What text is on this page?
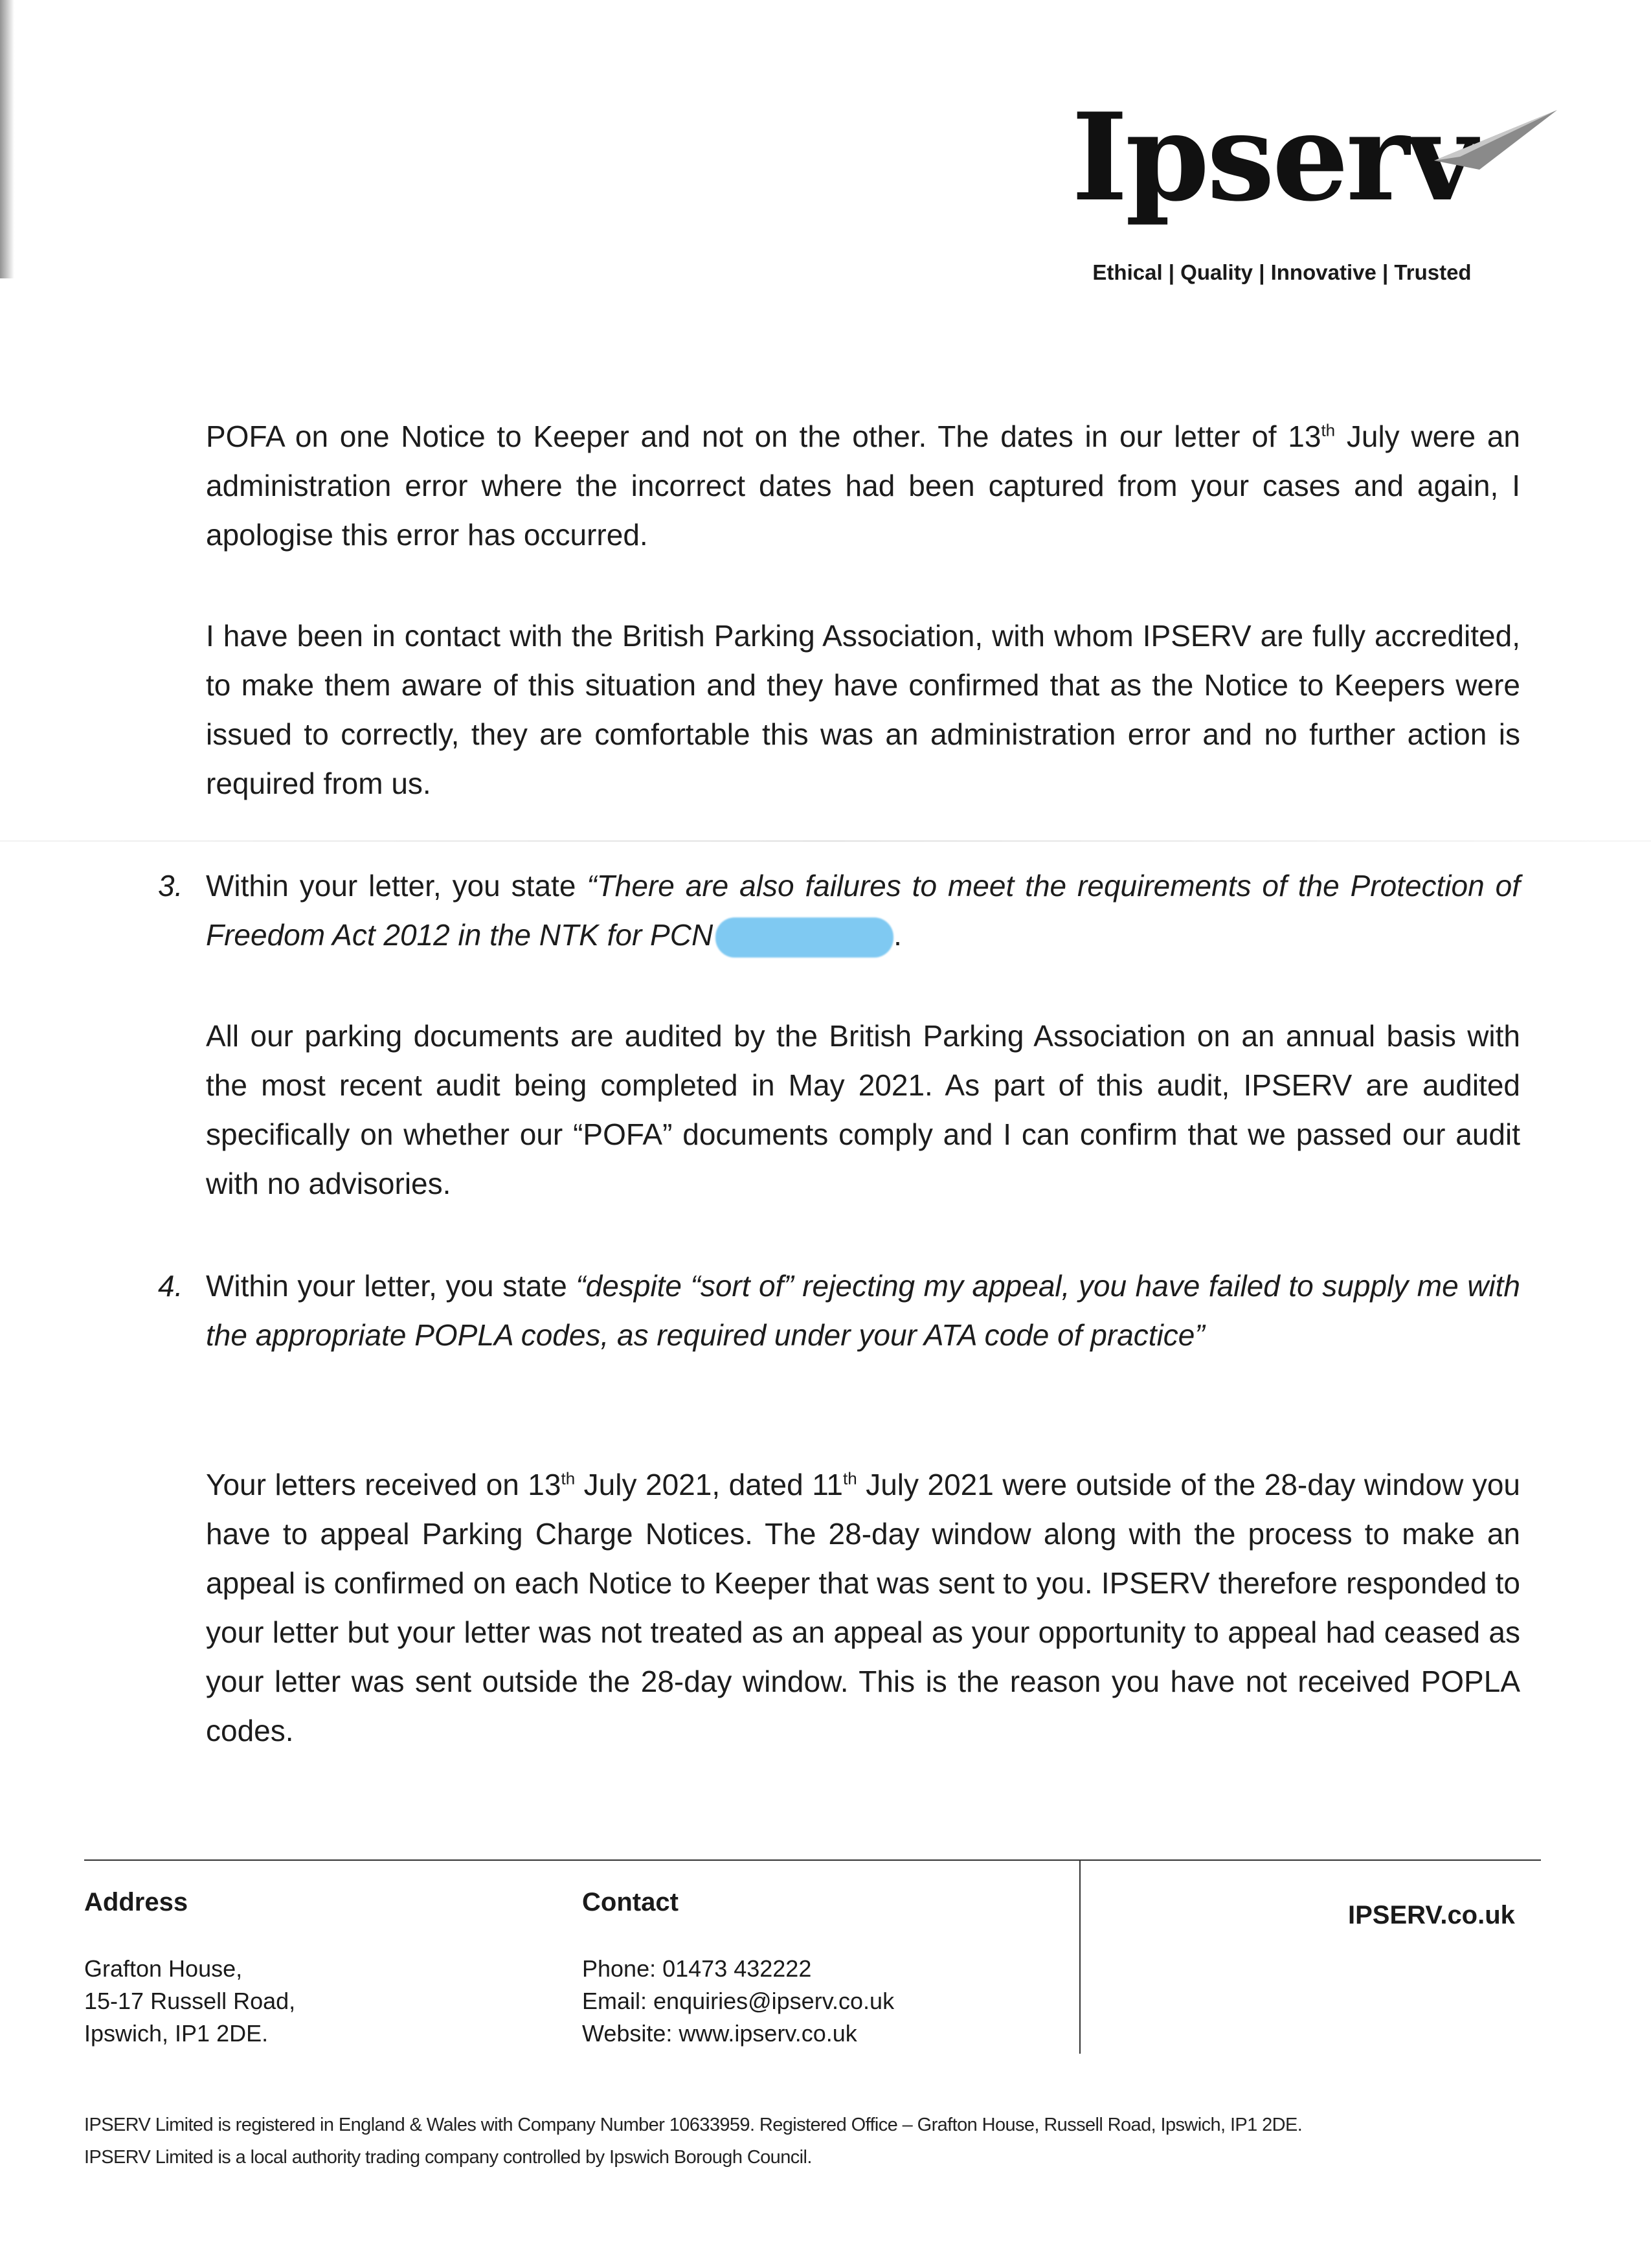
Ipserv
Ethical | Quality | Innovative | Trusted

POFA on one Notice to Keeper and not on the other. The dates in our letter of 13th July were an administration error where the incorrect dates had been captured from your cases and again, I apologise this error has occurred.

I have been in contact with the British Parking Association, with whom IPSERV are fully accredited, to make them aware of this situation and they have confirmed that as the Notice to Keepers were issued to correctly, they are comfortable this was an administration error and no further action is required from us.

3. Within your letter, you state “There are also failures to meet the requirements of the Protection of Freedom Act 2012 in the NTK for PCN	.

All our parking documents are audited by the British Parking Association on an annual basis with the most recent audit being completed in May 2021. As part of this audit, IPSERV are audited specifically on whether our “POFA” documents comply and I can confirm that we passed our audit with no advisories.

4. Within your letter, you state “despite “sort of” rejecting my appeal, you have failed to supply me with the appropriate POPLA codes, as required under your ATA code of practice”

Your letters received on 13th July 2021, dated 11th July 2021 were outside of the 28-day window you have to appeal Parking Charge Notices. The 28-day window along with the process to make an appeal is confirmed on each Notice to Keeper that was sent to you. IPSERV therefore responded to your letter but your letter was not treated as an appeal as your opportunity to appeal had ceased as your letter was sent outside the 28-day window. This is the reason you have not received POPLA codes.

Address
Grafton House,
15-17 Russell Road,
Ipswich, IP1 2DE.
Contact
Phone: 01473 432222
Email: enquiries@ipserv.co.uk
Website: www.ipserv.co.uk
IPSERV.co.uk
IPSERV Limited is registered in England & Wales with Company Number 10633959. Registered Office – Grafton House, Russell Road, Ipswich, IP1 2DE.
IPSERV Limited is a local authority trading company controlled by Ipswich Borough Council.
